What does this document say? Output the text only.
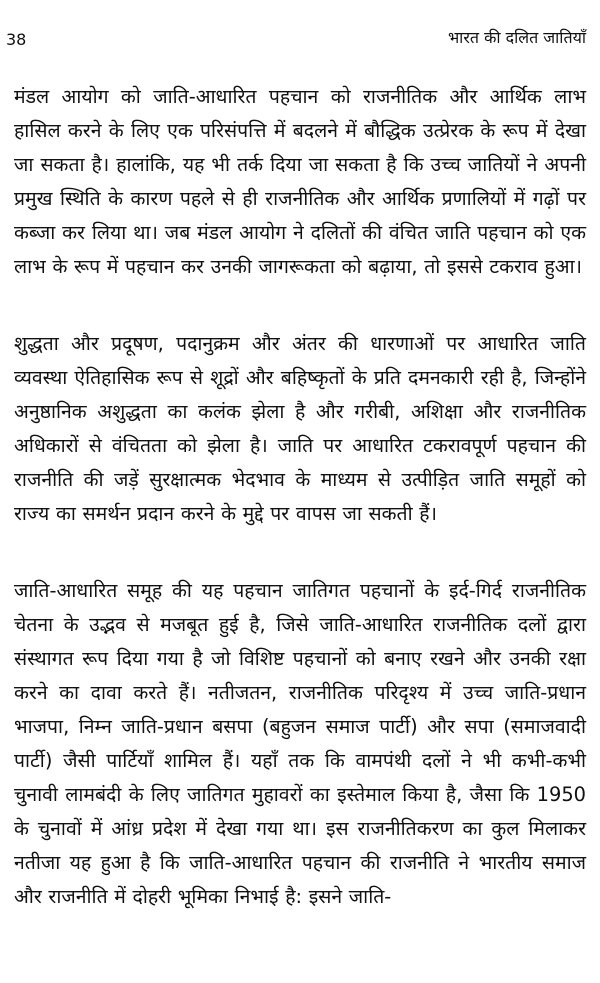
38	भारत की दलित जातियाँ

मंडल आयोग को जाति-आधारित पहचान को राजनीतिक और आर्थिक लाभ हासिल करने के लिए एक परिसंपत्ति में बदलने में बौद्धिक उत्प्रेरक के रूप में देखा जा सकता है। हालांकि, यह भी तर्क दिया जा सकता है कि उच्च जातियों ने अपनी प्रमुख स्थिति के कारण पहले से ही राजनीतिक और आर्थिक प्रणालियों में गढ़ों पर कब्जा कर लिया था। जब मंडल आयोग ने दलितों की वंचित जाति पहचान को एक लाभ के रूप में पहचान कर उनकी जागरूकता को बढ़ाया, तो इससे टकराव हुआ।

शुद्धता और प्रदूषण, पदानुक्रम और अंतर की धारणाओं पर आधारित जाति व्यवस्था ऐतिहासिक रूप से शूद्रों और बहिष्कृतों के प्रति दमनकारी रही है, जिन्होंने अनुष्ठानिक अशुद्धता का कलंक झेला है और गरीबी, अशिक्षा और राजनीतिक अधिकारों से वंचितता को झेला है। जाति पर आधारित टकरावपूर्ण पहचान की राजनीति की जड़ें सुरक्षात्मक भेदभाव के माध्यम से उत्पीड़ित जाति समूहों को राज्य का समर्थन प्रदान करने के मुद्दे पर वापस जा सकती हैं।

जाति-आधारित समूह की यह पहचान जातिगत पहचानों के इर्द-गिर्द राजनीतिक चेतना के उद्भव से मजबूत हुई है, जिसे जाति-आधारित राजनीतिक दलों द्वारा संस्थागत रूप दिया गया है जो विशिष्ट पहचानों को बनाए रखने और उनकी रक्षा करने का दावा करते हैं। नतीजतन, राजनीतिक परिदृश्य में उच्च जाति-प्रधान भाजपा, निम्न जाति-प्रधान बसपा (बहुजन समाज पार्टी) और सपा (समाजवादी पार्टी) जैसी पार्टियाँ शामिल हैं। यहाँ तक कि वामपंथी दलों ने भी कभी-कभी चुनावी लामबंदी के लिए जातिगत मुहावरों का इस्तेमाल किया है, जैसा कि 1950 के चुनावों में आंध्र प्रदेश में देखा गया था। इस राजनीतिकरण का कुल मिलाकर नतीजा यह हुआ है कि जाति-आधारित पहचान की राजनीति ने भारतीय समाज और राजनीति में दोहरी भूमिका निभाई है: इसने जाति-
